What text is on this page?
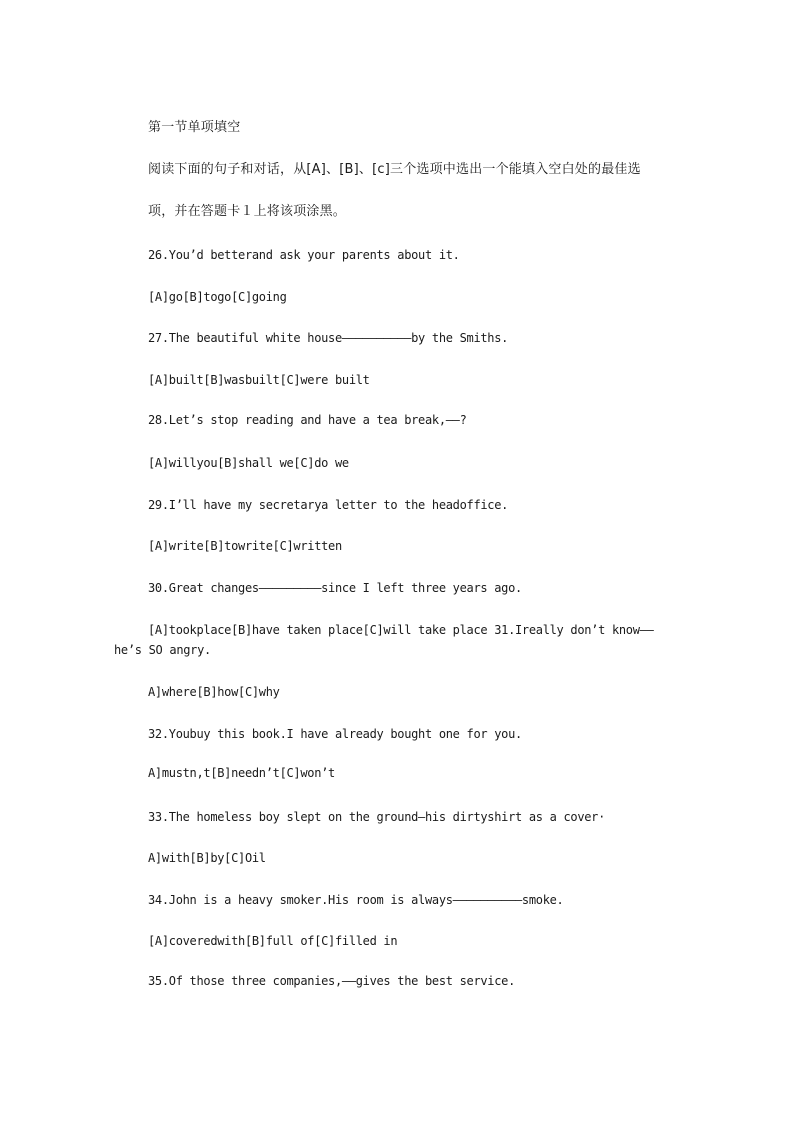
第一节单项填空
阅读下面的句子和对话，从[A]、[B]、[c]三个选项中选出一个能填入空白处的最佳选
项，并在答题卡１上将该项涂黑。
26.You’d betterand ask your parents about it.
[A]go[B]togo[C]going
27.The beautiful white house——————————by the Smiths.
[A]built[B]wasbuilt[C]were built
28.Let’s stop reading and have a tea break,——?
[A]willyou[B]shall we[C]do we
29.I’ll have my secretarya letter to the headoffice.
[A]write[B]towrite[C]written
30.Great changes—————————since I left three years ago.
[A]tookplace[B]have taken place[C]will take place 31.Ireally don’t know——he’s SO angry.
A]where[B]how[C]why
32.Youbuy this book.I have already bought one for you.
A]mustn,t[B]needn’t[C]won’t
33.The homeless boy slept on the ground—his dirtyshirt as a cover·
A]with[B]by[C]Oil
34.John is a heavy smoker.His room is always——————————smoke.
[A]coveredwith[B]full of[C]filled in
35.Of those three companies,——gives the best service.
